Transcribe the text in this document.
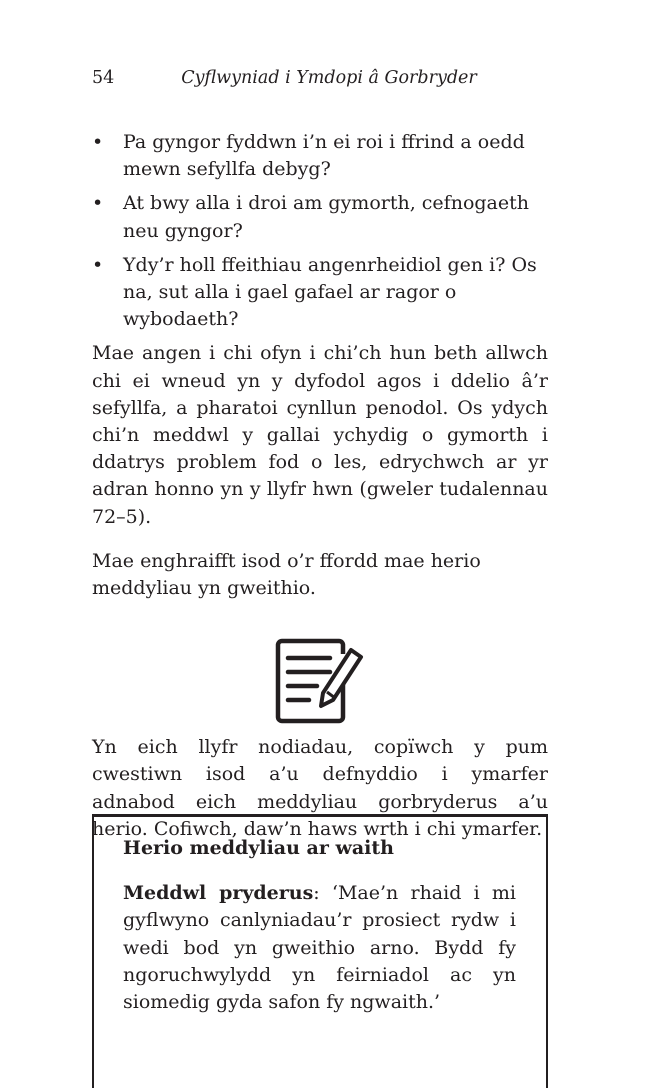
54	Cyflwyniad i Ymdopi â Gorbryder
• Pa gyngor fyddwn i’n ei roi i ffrind a oedd mewn sefyllfa debyg?
• At bwy alla i droi am gymorth, cefnogaeth neu gyngor?
• Ydy’r holl ffeithiau angenrheidiol gen i? Os na, sut alla i gael gafael ar ragor o wybodaeth?

Mae angen i chi ofyn i chi’ch hun beth allwch chi ei wneud yn y dyfodol agos i ddelio â’r sefyllfa, a pharatoi cynllun penodol. Os ydych chi’n meddwl y gallai ychydig o gymorth i ddatrys problem fod o les, edrychwch ar yr adran honno yn y llyfr hwn (gweler tudalennau 72–5).

Mae enghraifft isod o’r ffordd mae herio meddyliau yn gweithio.

Yn eich llyfr nodiadau, copïwch y pum cwestiwn isod a’u defnyddio i ymarfer adnabod eich meddyliau gorbryderus a’u herio. Cofiwch, daw’n haws wrth i chi ymarfer.

Herio meddyliau ar waith

Meddwl pryderus: ‘Mae’n rhaid i mi gyflwyno canlyniadau’r prosiect rydw i wedi bod yn gweithio arno. Bydd fy ngoruchwylydd yn feirniadol ac yn siomedig gyda safon fy ngwaith.’
